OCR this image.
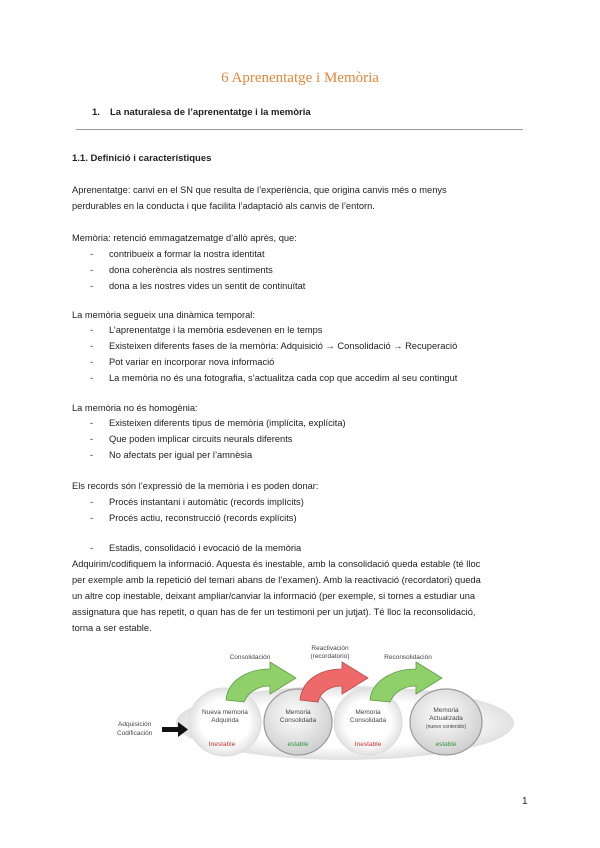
6 Aprenentatge i Memòria
1. La naturalesa de l’aprenentatge i la memòria
1.1. Definició i característiques

Aprenentatge: canvi en el SN que resulta de l’experiència, que origina canvis més o menys
perdurables en la conducta i que facilita l’adaptació als canvis de l’entorn.

Memòria: retenció emmagatzematge d’allò après, que:

- contribueix a formar la nostra identitat
- dona coherència als nostres sentiments
- dona a les nostres vides un sentit de continuïtat

La memòria segueix una dinàmica temporal:

- L’aprenentatge i la memòria esdevenen en le temps
- Existeixen diferents fases de la memòria: Adquisició → Consolidació → Recuperació
- Pot variar en incorporar nova informació
- La memòria no és una fotografia, s’actualitza cada cop que accedim al seu contingut

La memòria no és homogènia:

- Existeixen diferents tipus de memòria (implícita, explícita)
- Que poden implicar circuits neurals diferents
- No afectats per igual per l’amnèsia

Els records són l’expressió de la memòria i es poden donar:

- Procés instantani i automàtic (records implícits)
- Procés actiu, reconstrucció (records explícits)
- Estadis, consolidació i evocació de la memòria

Adquirim/codifiquem la informació. Aquesta és inestable, amb la consolidació queda estable (té lloc
per exemple amb la repetició del temari abans de l’examen). Amb la reactivació (recordatori) queda
un altre cop inestable, deixant ampliar/canviar la informació (per exemple, si tornes a estudiar una
assignatura que has repetit, o quan has de fer un testimoni per un jutjat). Té lloc la reconsolidació,
torna a ser estable.

Adquisición
Codificación
Nueva memoria
Adquirida
Inestable
Memoria
Consolidada
estable
Memoria
Consolidada
Inestable
Memoria
Actualizada
(nuevo contenido)
estable
Consolidación
Reactivación
(recordatorio)	Reconsolidación
1
